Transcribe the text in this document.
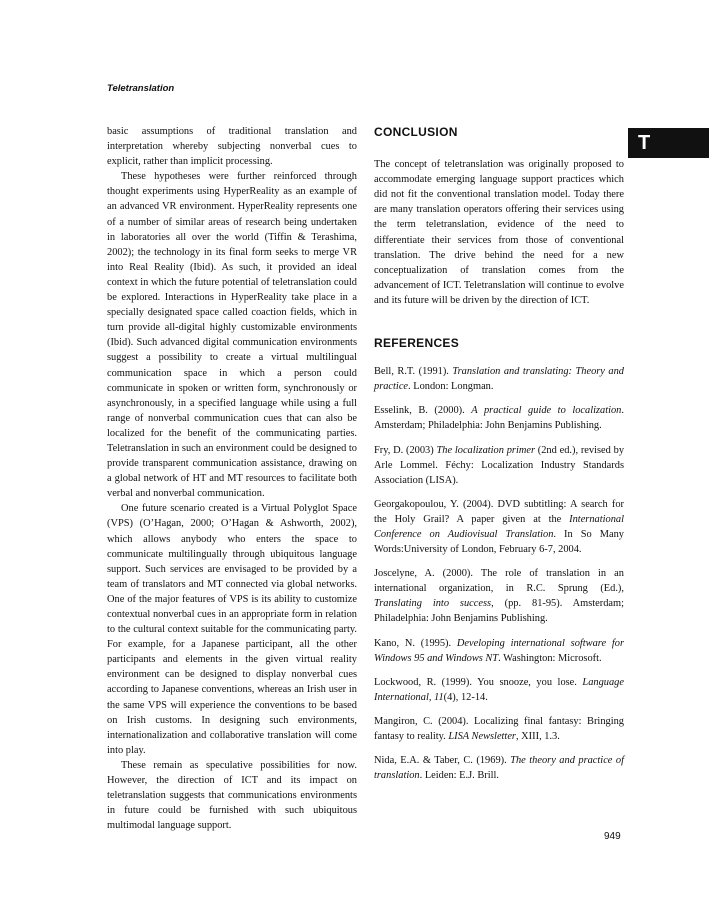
Teletranslation

basic assumptions of traditional translation and interpretation whereby subjecting nonverbal cues to explicit, rather than implicit processing.

These hypotheses were further reinforced through thought experiments using HyperReality as an example of an advanced VR environment. HyperReality represents one of a number of similar areas of research being undertaken in laboratories all over the world (Tiffin & Terashima, 2002); the technology in its final form seeks to merge VR into Real Reality (Ibid). As such, it provided an ideal context in which the future potential of teletranslation could be explored. Interactions in HyperReality take place in a specially designated space called coaction fields, which in turn provide all-digital highly customizable environments (Ibid). Such advanced digital communication environments suggest a possibility to create a virtual multilingual communication space in which a person could communicate in spoken or written form, synchronously or asynchronously, in a specified language while using a full range of nonverbal communication cues that can also be localized for the benefit of the communicating parties. Teletranslation in such an environment could be designed to provide transparent communication assistance, drawing on a global network of HT and MT resources to facilitate both verbal and nonverbal communication.

One future scenario created is a Virtual Polyglot Space (VPS) (O’Hagan, 2000; O’Hagan & Ashworth, 2002), which allows anybody who enters the space to communicate multilingually through ubiquitous language support. Such services are envisaged to be provided by a team of translators and MT connected via global networks. One of the major features of VPS is its ability to customize contextual nonverbal cues in an appropriate form in relation to the cultural context suitable for the communicating party. For example, for a Japanese participant, all the other participants and elements in the given virtual reality environment can be designed to display nonverbal cues according to Japanese conventions, whereas an Irish user in the same VPS will experience the conventions to be based on Irish customs. In designing such environments, internationalization and collaborative translation will come into play.

These remain as speculative possibilities for now. However, the direction of ICT and its impact on teletranslation suggests that communications environments in future could be furnished with such ubiquitous multimodal language support.

CONCLUSION

The concept of teletranslation was originally proposed to accommodate emerging language support practices which did not fit the conventional translation model. Today there are many translation operators offering their services using the term teletranslation, evidence of the need to differentiate their services from those of conventional translation. The drive behind the need for a new conceptualization of translation comes from the advancement of ICT. Teletranslation will continue to evolve and its future will be driven by the direction of ICT.

REFERENCES

Bell, R.T. (1991). Translation and translating: Theory and practice. London: Longman.

Esselink, B. (2000). A practical guide to localization. Amsterdam; Philadelphia: John Benjamins Publishing.

Fry, D. (2003) The localization primer (2nd ed.), revised by Arle Lommel. Féchy: Localization Industry Standards Association (LISA).

Georgakopoulou, Y. (2004). DVD subtitling: A search for the Holy Grail? A paper given at the International Conference on Audiovisual Translation. In So Many Words:University of London, February 6-7, 2004.

Joscelyne, A. (2000). The role of translation in an international organization, in R.C. Sprung (Ed.), Translating into success, (pp. 81-95). Amsterdam; Philadelphia: John Benjamins Publishing.

Kano, N. (1995). Developing international software for Windows 95 and Windows NT. Washington: Microsoft.

Lockwood, R. (1999). You snooze, you lose. Language International, 11(4), 12-14.

Mangiron, C. (2004). Localizing final fantasy: Bringing fantasy to reality. LISA Newsletter, XIII, 1.3.

Nida, E.A. & Taber, C. (1969). The theory and practice of translation. Leiden: E.J. Brill.

T
949
